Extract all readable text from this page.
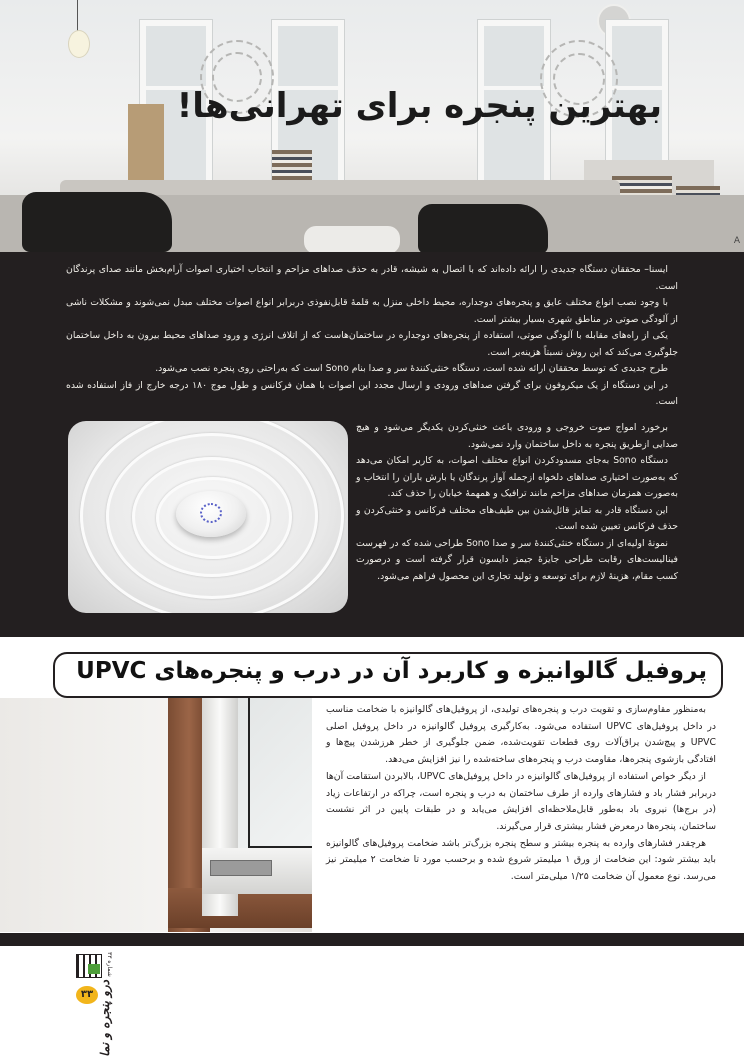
بهترین پنجره برای تهرانی‌ها!
A

ایسنا– محققان دستگاه جدیدی را ارائه داده‌اند که با اتصال به شیشه، قادر به حذف صداهای مزاحم و انتخاب اختیاری اصوات آرام‌بخش مانند صدای پرندگان است.

با وجود نصب انواع مختلف عایق و پنجره‌های دوجداره، محیط داخلی منزل به قلمهٔ قابل‌نفوذی دربرابر انواع اصوات مختلف مبدل نمی‌شوند و مشکلات ناشی از آلودگی صوتی در مناطق شهری بسیار بیشتر است.

یکی از راه‌های مقابله با آلودگی صوتی، استفاده از پنجره‌های دوجداره در ساختمان‌هاست که از اتلاف انرژی و ورود صداهای محیط بیرون به داخل ساختمان جلوگیری می‌کند که این روش نسبتاً هزینه‌بر است.

طرح جدیدی که توسط محققان ارائه شده است، دستگاه خنثی‌کنندهٔ سر و صدا بنام Sono است که به‌راحتی روی پنجره نصب می‌شود.

در این دستگاه از یک میکروفون برای گرفتن صداهای ورودی و ارسال مجدد این اصوات با همان فرکانس و طول موج ۱۸۰ درجه خارج از فاز استفاده شده است.

برخورد امواج صوت خروجی و ورودی باعث خنثی‌کردن یکدیگر می‌شود و هیچ صدایی ازطریق پنجره به داخل ساختمان وارد نمی‌شود.

دستگاه Sono به‌جای مسدودکردن انواع مختلف اصوات، به کاربر امکان می‌دهد که به‌صورت اختیاری صداهای دلخواه ازجمله آواز پرندگان یا بارش باران را انتخاب و به‌صورت همزمان صداهای مزاحم مانند ترافیک و همهمهٔ خیابان را حذف کند.

این دستگاه قادر به تمایز قائل‌شدن بین طیف‌های مختلف فرکانس و خنثی‌کردن و حذف فرکانس تعیین شده است.

نمونهٔ اولیه‌ای از دستگاه خنثی‌کنندهٔ سر و صدا Sono طراحی شده که در فهرست فینالیست‌های رقابت طراحی جایزهٔ جیمز دایسون قرار گرفته است و درصورت کسب مقام، هزینهٔ لازم برای توسعه و تولید تجاری این محصول فراهم می‌شود.

پروفیل گالوانیزه و کاربرد آن در درب و پنجره‌های UPVC

به‌منظور مقاوم‌سازی و تقویت درب و پنجره‌های تولیدی، از پروفیل‌های گالوانیزه با ضخامت مناسب در داخل پروفیل‌های UPVC استفاده می‌شود. به‌کارگیری پروفیل گالوانیزه در داخل پروفیل اصلی UPVC و پیچ‌شدن یراق‌آلات روی قطعات تقویت‌شده، ضمن جلوگیری از خطر هرزشدن پیچ‌ها و افتادگی بازشوی پنجره‌ها، مقاومت درب و پنجره‌های ساخته‌شده را نیز افزایش می‌دهد.

از دیگر خواص استفاده از پروفیل‌های گالوانیزه در داخل پروفیل‌های UPVC، بالابردن استقامت آن‌ها دربرابر فشار باد و فشارهای وارده از طرف ساختمان به درب و پنجره است، چراکه در ارتفاعات زیاد (در برج‌ها) نیروی باد به‌طور قابل‌ملاحظه‌ای افزایش می‌یابد و در طبقات پایین در اثر نشست ساختمان، پنجره‌ها درمعرض فشار بیشتری قرار می‌گیرند.

هرچقدر فشارهای وارده به پنجره بیشتر و سطح پنجره بزرگ‌تر باشد ضخامت پروفیل‌های گالوانیزه باید بیشتر شود: این ضخامت از ورق ۱ میلیمتر شروع شده و برحسب مورد تا ضخامت ۲ میلیمتر نیز می‌رسد. نوع معمول آن ضخامت ۱/۲۵ میلی‌متر است.

شماره ۳۳
درو پنجره و نما
۳۳
